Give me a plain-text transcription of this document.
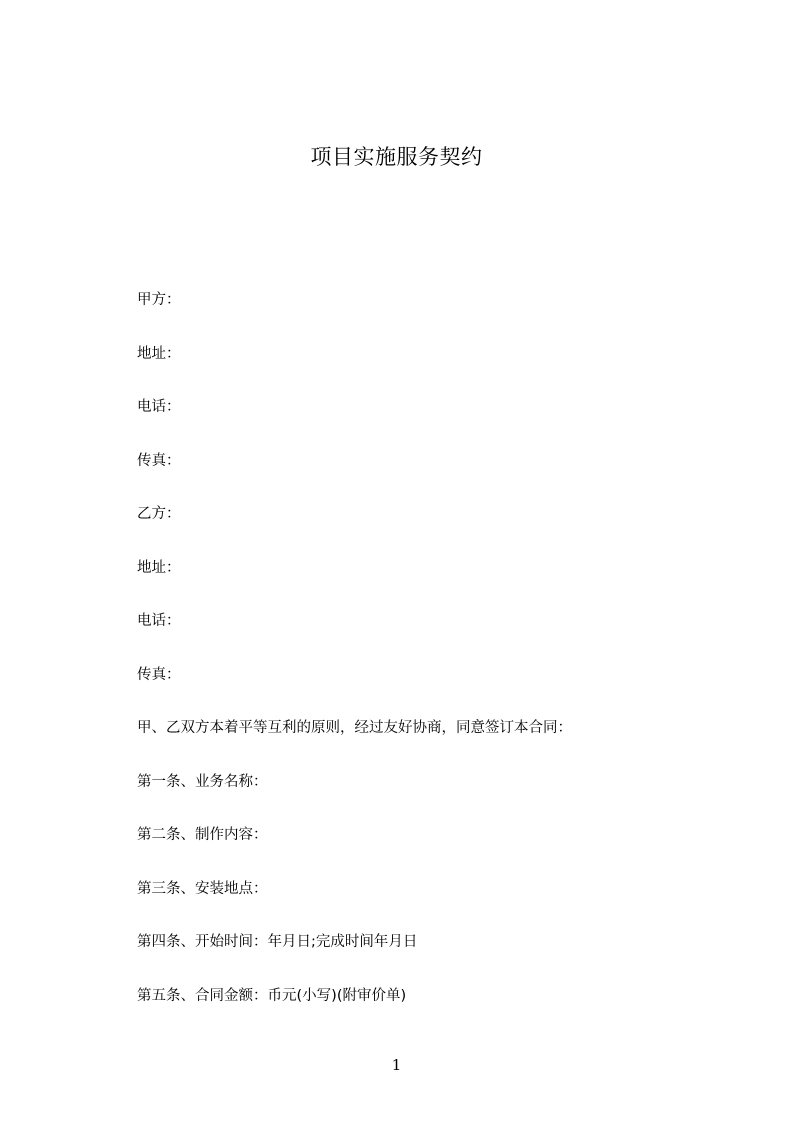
项目实施服务契约
甲方：
地址：
电话：
传真：
乙方：
地址：
电话：
传真：
甲、乙双方本着平等互利的原则，经过友好协商，同意签订本合同：
第一条、业务名称：
第二条、制作内容：
第三条、安装地点：
第四条、开始时间：年月日;完成时间年月日
第五条、合同金额：币元(小写)(附审价单)
1
